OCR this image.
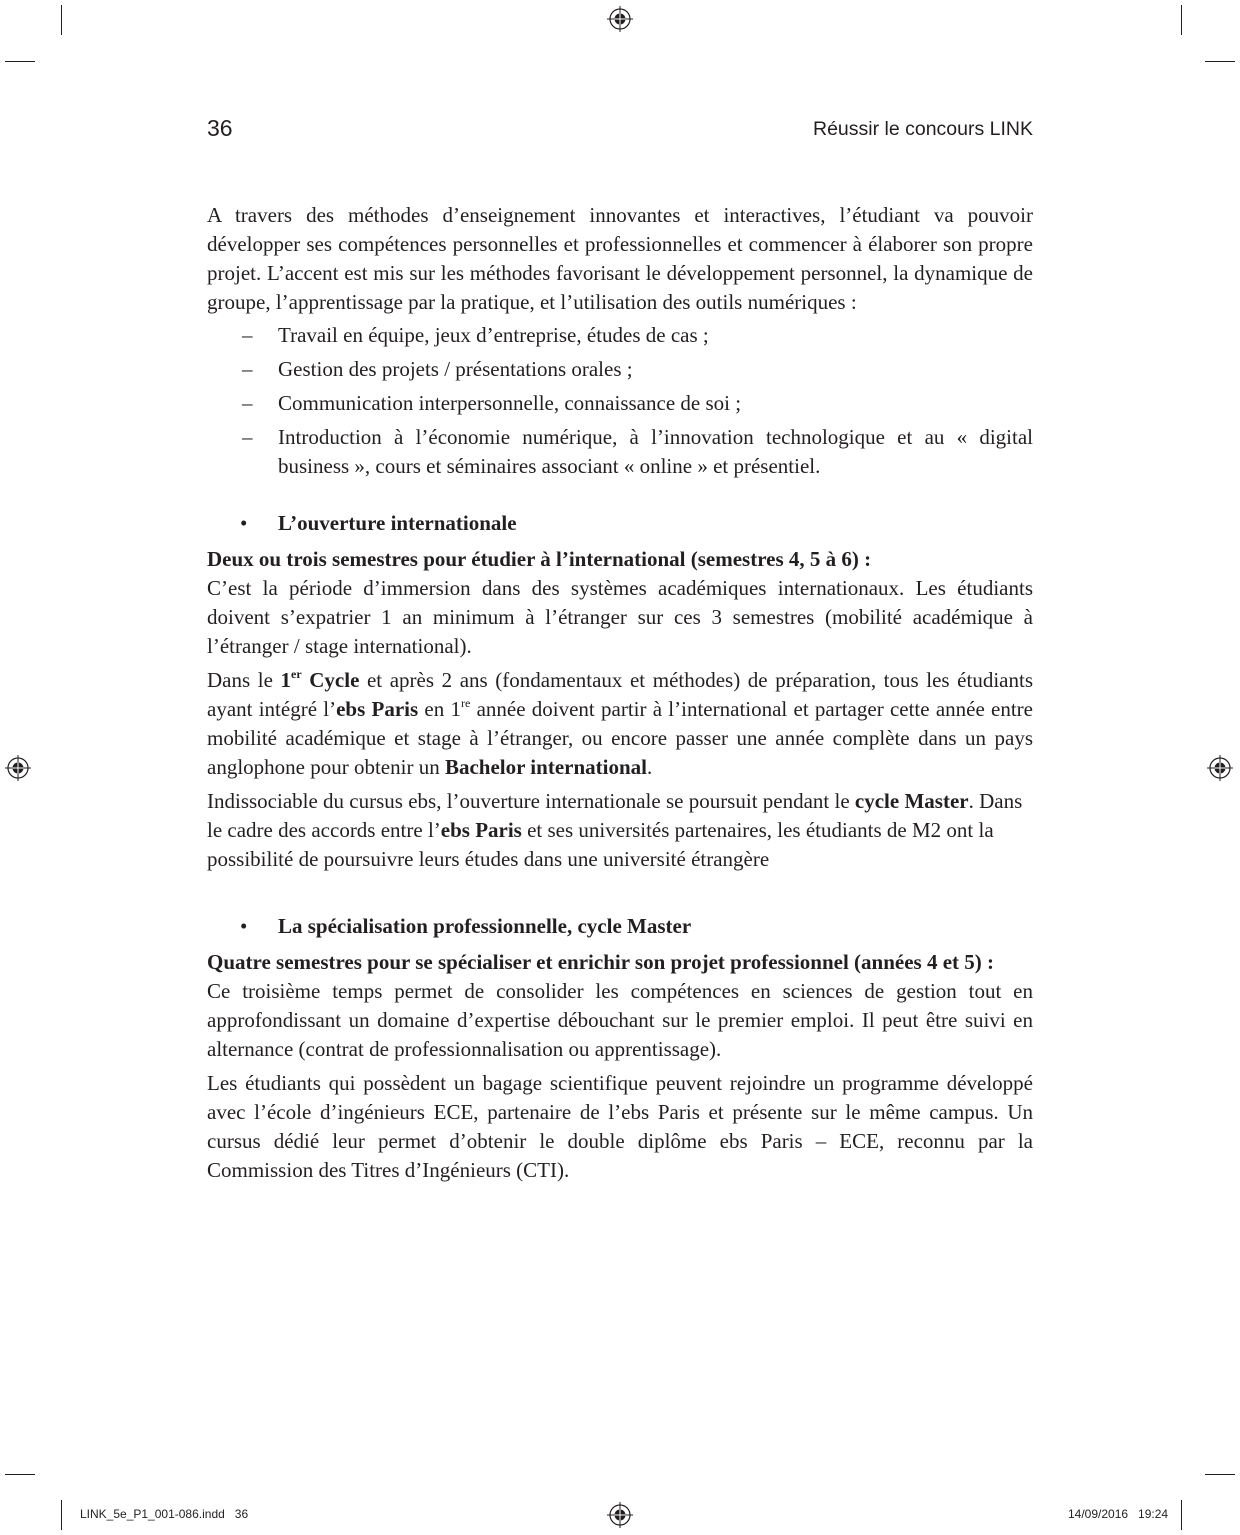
36	Réussir le concours LINK

A travers des méthodes d’enseignement innovantes et interactives, l’étudiant va pouvoir développer ses compétences personnelles et professionnelles et commencer à élaborer son propre projet. L’accent est mis sur les méthodes favorisant le développement personnel, la dynamique de groupe, l’apprentissage par la pratique, et l’utilisation des outils numériques :

– Travail en équipe, jeux d’entreprise, études de cas ;
– Gestion des projets / présentations orales ;
– Communication interpersonnelle, connaissance de soi ;
– Introduction à l’économie numérique, à l’innovation technologique et au « digital business », cours et séminaires associant « online » et présentiel.
• L’ouverture internationale

Deux ou trois semestres pour étudier à l’international (semestres 4, 5 à 6) :

C’est la période d’immersion dans des systèmes académiques internationaux. Les étudiants doivent s’expatrier 1 an minimum à l’étranger sur ces 3 semestres (mobilité académique à l’étranger / stage international).

Dans le 1er Cycle et après 2 ans (fondamentaux et méthodes) de préparation, tous les étudiants ayant intégré l’ebs Paris en 1re année doivent partir à l’international et partager cette année entre mobilité académique et stage à l’étranger, ou encore passer une année complète dans un pays anglophone pour obtenir un Bachelor international.

Indissociable du cursus ebs, l’ouverture internationale se poursuit pendant le cycle Master. Dans le cadre des accords entre l’ebs Paris et ses universités partenaires, les étudiants de M2 ont la possibilité de poursuivre leurs études dans une université étrangère

• La spécialisation professionnelle, cycle Master

Quatre semestres pour se spécialiser et enrichir son projet professionnel (années 4 et 5) :

Ce troisième temps permet de consolider les compétences en sciences de gestion tout en approfondissant un domaine d’expertise débouchant sur le premier emploi. Il peut être suivi en alternance (contrat de professionnalisation ou apprentissage).

Les étudiants qui possèdent un bagage scientifique peuvent rejoindre un programme développé avec l’école d’ingénieurs ECE, partenaire de l’ebs Paris et présente sur le même campus. Un cursus dédié leur permet d’obtenir le double diplôme ebs Paris – ECE, reconnu par la Commission des Titres d’Ingénieurs (CTI).

LINK_5e_P1_001-086.indd   36	14/09/2016   19:24
